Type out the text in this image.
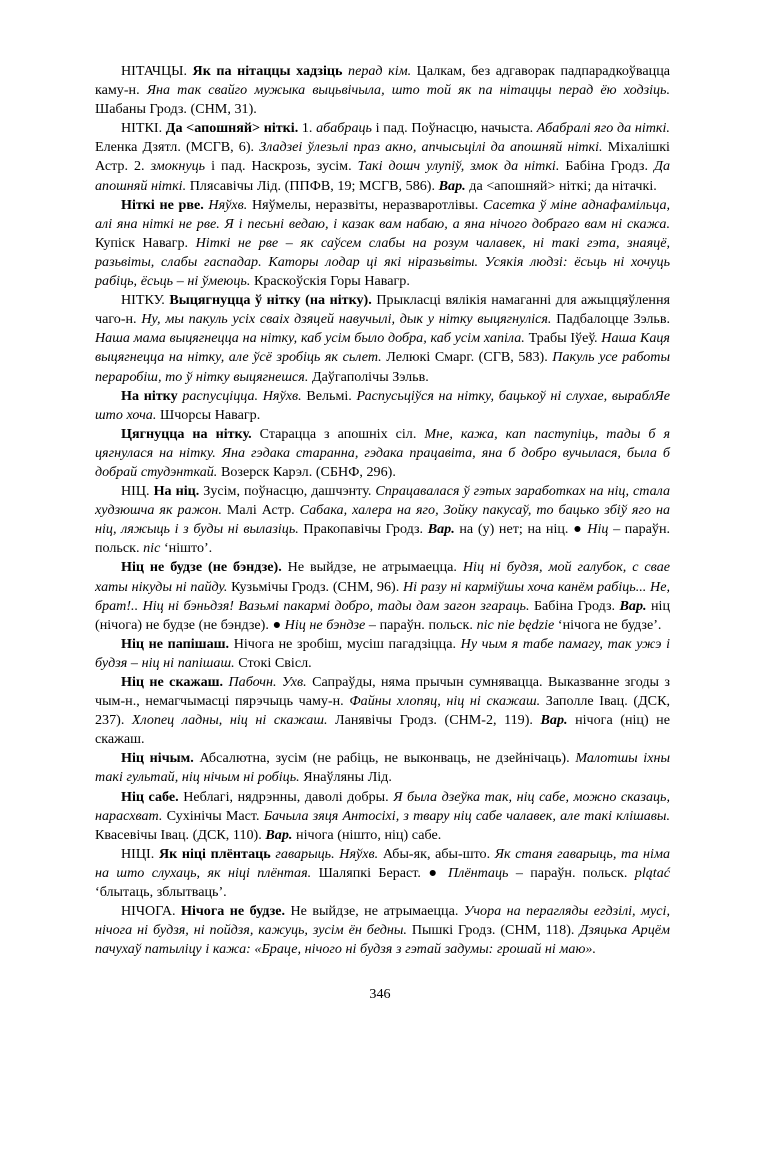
НІТАЧЦЫ. Як па нітаццы хадзіць перад кім. Цалкам, без адгаворак падпарадкоўвацца каму-н. Яна так свайго мужыка выцьвічыла, што той як па нітаццы перад ёю ходзіць. Шабаны Гродз. (СНМ, 31).

НІТКІ. Да <апошняй> ніткі. 1. абабраць і пад. Поўнасцю, начыста. Абабралі яго да ніткі. Еленка Дзятл. (МСГВ, 6). Зладзеі ўлезьлі праз акно, апчысьцілі да апошняй ніткі. Міхалішкі Астр. 2. змокнуць і пад. Наскрозь, зусім. Такі дошч улупіў, змок да ніткі. Бабіна Гродз. Да апошняй ніткі. Плясавічы Лід. (ППФВ, 19; МСГВ, 586). Вар. да <апошняй> ніткі; да нітачкі.

Ніткі не рве. Няўхв. Няўмелы, неразвіты, неразваротлівы. Сасетка ў міне аднафамільца, алі яна ніткі не рве. Я і песьні ведаю, і казак вам набаю, а яна нічого добраго вам ні скажа. Купіск Навагр. Ніткі не рве – як саўсем слабы на розум чалавек, ні такі гэта, знаяцё, разьвіты, слабы гаспадар. Каторы лодар ці які ніразьвіты. Усякія людзі: ёсьць ні хочуць рабіць, ёсьць – ні ўмеюць. Краскоўскія Горы Навагр.

НІТКУ. Выцягнуцца ў нітку (на нітку). Прыкласці вялікія намаганні для ажыццяўлення чаго-н. Ну, мы пакуль усіх сваіх дзяцей навучылі, дык у нітку выцягнуліся. Падбалоцце Зэльв. Наша мама выцягнецца на нітку, каб усім было добра, каб усім хапіла. Трабы Іўеў. Наша Каця выцягнецца на нітку, але ўсё зробіць як сьлет. Лелюкі Смарг. (СГВ, 583). Пакуль усе работы пераробіш, то ў нітку выцягнешся. Даўгаполічы Зэльв.

На нітку распусціцца. Няўхв. Вельмі. Распусьціўся на нітку, бацькоў ні слухае, выраблЯе што хоча. Шчорсы Навагр.

Цягнуцца на нітку. Старацца з апошніх сіл. Мне, кажа, кап паступіць, тады б я цягнулася на нітку. Яна гэдака старанна, гэдака працавіта, яна б добро вучылася, была б добрай студэнткай. Возерск Карэл. (СБНФ, 296).

НІЦ. На ніц. Зусім, поўнасцю, дашчэнту. Спрацавалася ў гэтых заработках на ніц, стала худзюшча як ражон. Малі Астр. Сабака, халера на яго, Зойку пакусаў, то бацько збіў яго на ніц, ляжыць і з буды ні вылазіць. Пракопавічы Гродз. Вар. на (у) нет; на ніц. ● Ніц – параўн. польск. nic ‘нішто’.

Ніц не будзе (не бэндзе). Не выйдзе, не атрымаецца. Ніц ні будзя, мой галубок, с свае хаты нікуды ні пайду. Кузьмічы Гродз. (СНМ, 96). Ні разу ні карміўшы хоча канём рабіць... Не, брат!.. Ніц ні бэньдзя! Вазьмі пакармі добро, тады дам загон згараць. Бабіна Гродз. Вар. ніц (нічога) не будзе (не бэндзе). ● Ніц не бэндзе – параўн. польск. nic nie będzie ‘нічога не будзе’.

Ніц не папішаш. Нічога не зробіш, мусіш пагадзіцца. Ну чым я табе памагу, так ужэ і будзя – ніц ні папішаш. Стокі Свісл.

Ніц не скажаш. Пабочн. Ухв. Сапраўды, няма прычын сумнявацца. Выказванне згоды з чым-н., немагчымасці пярэчыць чаму-н. Файны хлопяц, ніц ні скажаш. Заполле Івац. (ДСК, 237). Хлопец ладны, ніц ні скажаш. Ланявічы Гродз. (СНМ-2, 119). Вар. нічога (ніц) не скажаш.

Ніц нічым. Абсалютна, зусім (не рабіць, не выконваць, не дзейнічаць). Малотшы іхны такі гультай, ніц нічым ні робіць. Янаўляны Лід.

Ніц сабе. Неблагі, нядрэнны, даволі добры. Я была дзеўка так, ніц сабе, можно сказаць, нарасхват. Сухінічы Маст. Бачыла зяця Антосіхі, з твару ніц сабе чалавек, але такі клішавы. Квасевічы Івац. (ДСК, 110). Вар. нічога (нішто, ніц) сабе.

НІЦІ. Як ніці плёнтаць гаварыць. Няўхв. Абы-як, абы-што. Як станя гаварыць, та німа на што слухаць, як ніці плёнтая. Шаляпкі Бераст. ● Плёнтаць – параўн. польск. plątać ‘блытаць, зблытваць’.

НІЧОГА. Нічога не будзе. Не выйдзе, не атрымаецца. Учора на перагляды егдзілі, мусі, нічога ні будзя, ні пойдзя, кажуць, зусім ён бедны. Пышкі Гродз. (СНМ, 118). Дзяцька Арцём пачухаў патыліцу і кажа: «Браце, нічого ні будзя з гэтай задумы: грошай ні маю».

346
